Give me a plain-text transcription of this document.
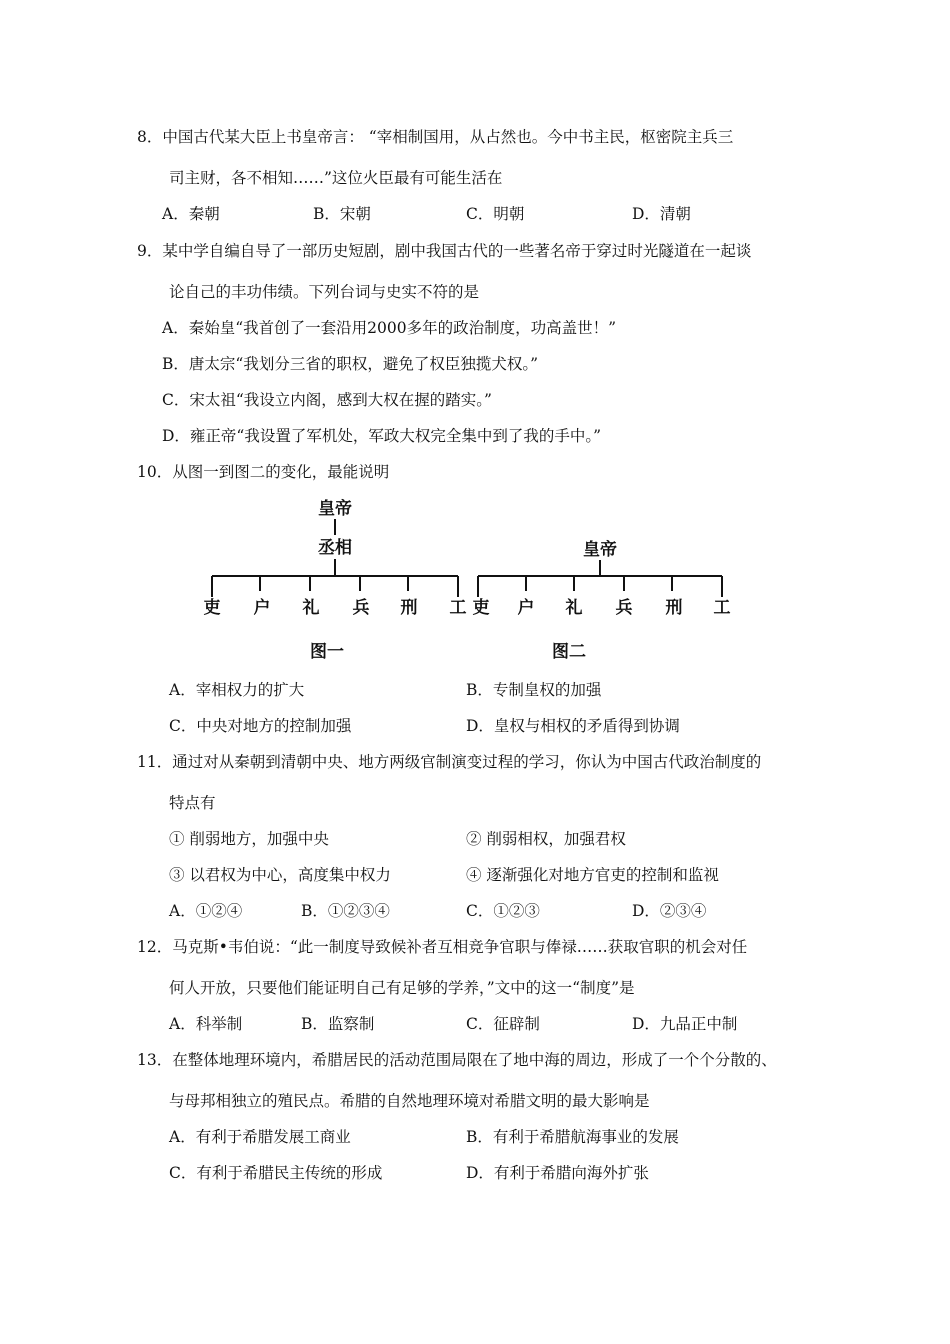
8．中国古代某大臣上书皇帝言： “宰相制国用，从占然也。今中书主民，枢密院主兵三
司主财，各不相知……”这位火臣最有可能生活在
A．秦朝	B．宋朝	C．明朝	D．清朝
9．某中学自编自导了一部历史短剧，剧中我国古代的一些著名帝于穿过时光隧道在一起谈
论自己的丰功伟绩。下列台词与史实不符的是
A．秦始皇“我首创了一套沿用2000多年的政治制度，功高盖世！”
B．唐太宗“我划分三省的职权，避免了权臣独揽犬权。”
C．宋太祖“我设立内阁，感到大权在握的踏实。”
D．雍正帝“我设置了军机处，军政大权完全集中到了我的手中。”
10．从图一到图二的变化，最能说明
皇帝
丞相
吏 户 礼 兵 刑 工
图一
皇帝
吏 户 礼 兵 刑 工
图二
A．宰相权力的扩大	B．专制皇权的加强
C．中央对地方的控制加强	D．皇权与相权的矛盾得到协调
11．通过对从秦朝到清朝中央、地方两级官制演变过程的学习，你认为中国古代政治制度的
特点有
① 削弱地方，加强中央	② 削弱相权，加强君权
③ 以君权为中心，高度集中权力	④ 逐渐强化对地方官吏的控制和监视
A．①②④	B．①②③④	C．①②③	D．②③④
12．马克斯•韦伯说：“此一制度导致候补者互相竞争官职与俸禄……获取官职的机会对任
何人开放，只要他们能证明自己有足够的学养，”文中的这一“制度”是
A．科举制	B．监察制	C．征辟制	D．九品正中制
13．在整体地理环境内，希腊居民的活动范围局限在了地中海的周边，形成了一个个分散的、
与母邦相独立的殖民点。希腊的自然地理环境对希腊文明的最大影响是
A．有利于希腊发展工商业	B．有利于希腊航海事业的发展
C．有利于希腊民主传统的形成	D．有利于希腊向海外扩张
